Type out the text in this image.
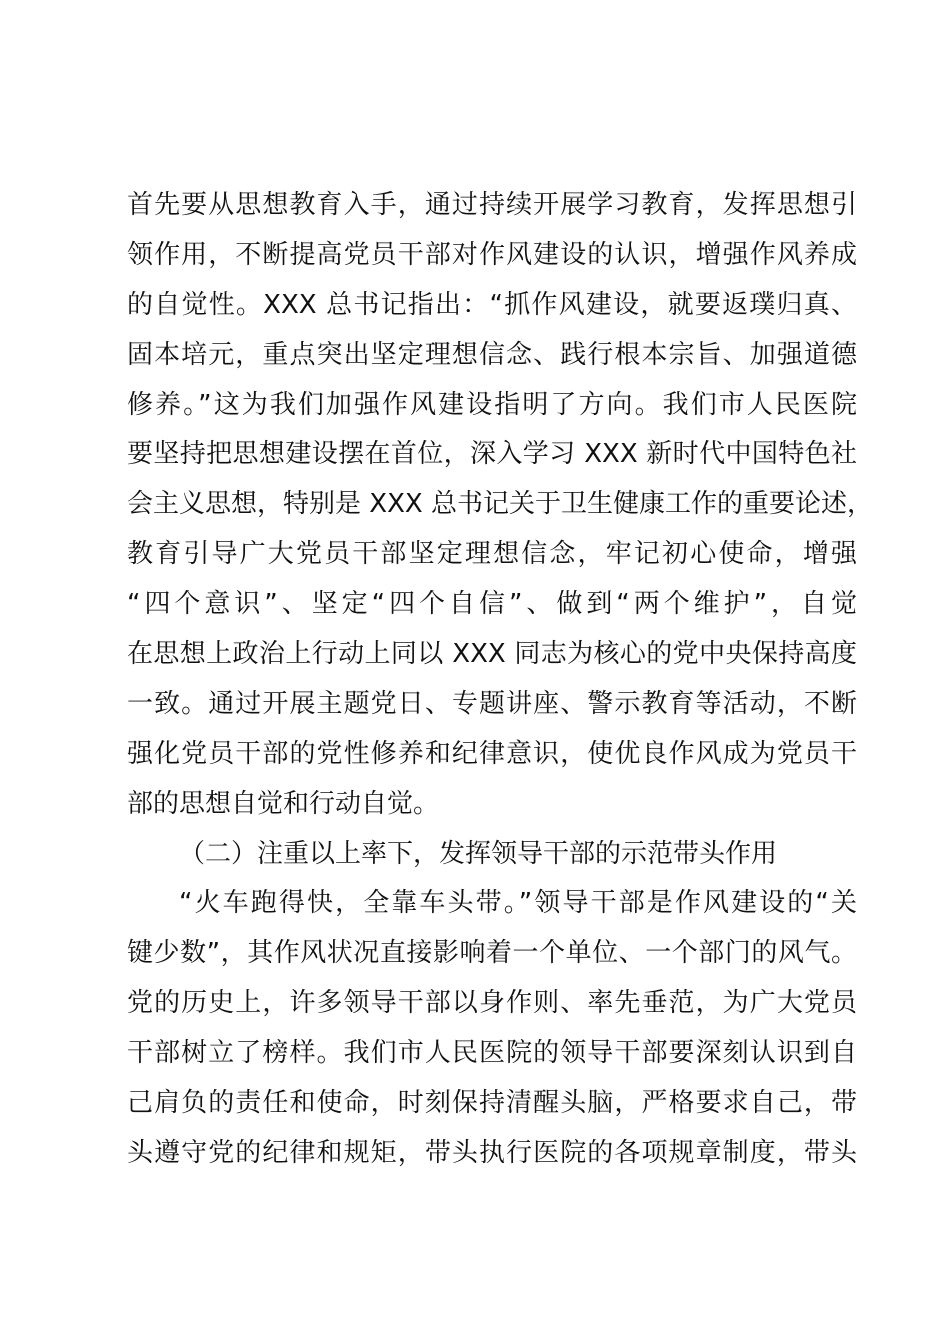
首先要从思想教育入手，通过持续开展学习教育，发挥思想引
领作用，不断提高党员干部对作风建设的认识，增强作风养成
的自觉性。XXX 总书记指出：“抓作风建设，就要返璞归真、
固本培元，重点突出坚定理想信念、践行根本宗旨、加强道德
修养。”这为我们加强作风建设指明了方向。我们市人民医院
要坚持把思想建设摆在首位，深入学习 XXX 新时代中国特色社
会主义思想，特别是 XXX 总书记关于卫生健康工作的重要论述，
教育引导广大党员干部坚定理想信念，牢记初心使命，增强
“四个意识”、坚定“四个自信”、做到“两个维护”，自觉
在思想上政治上行动上同以 XXX 同志为核心的党中央保持高度
一致。通过开展主题党日、专题讲座、警示教育等活动，不断
强化党员干部的党性修养和纪律意识，使优良作风成为党员干
部的思想自觉和行动自觉。
（二）注重以上率下，发挥领导干部的示范带头作用
“火车跑得快，全靠车头带。”领导干部是作风建设的“关
键少数”，其作风状况直接影响着一个单位、一个部门的风气。
党的历史上，许多领导干部以身作则、率先垂范，为广大党员
干部树立了榜样。我们市人民医院的领导干部要深刻认识到自
己肩负的责任和使命，时刻保持清醒头脑，严格要求自己，带
头遵守党的纪律和规矩，带头执行医院的各项规章制度，带头
